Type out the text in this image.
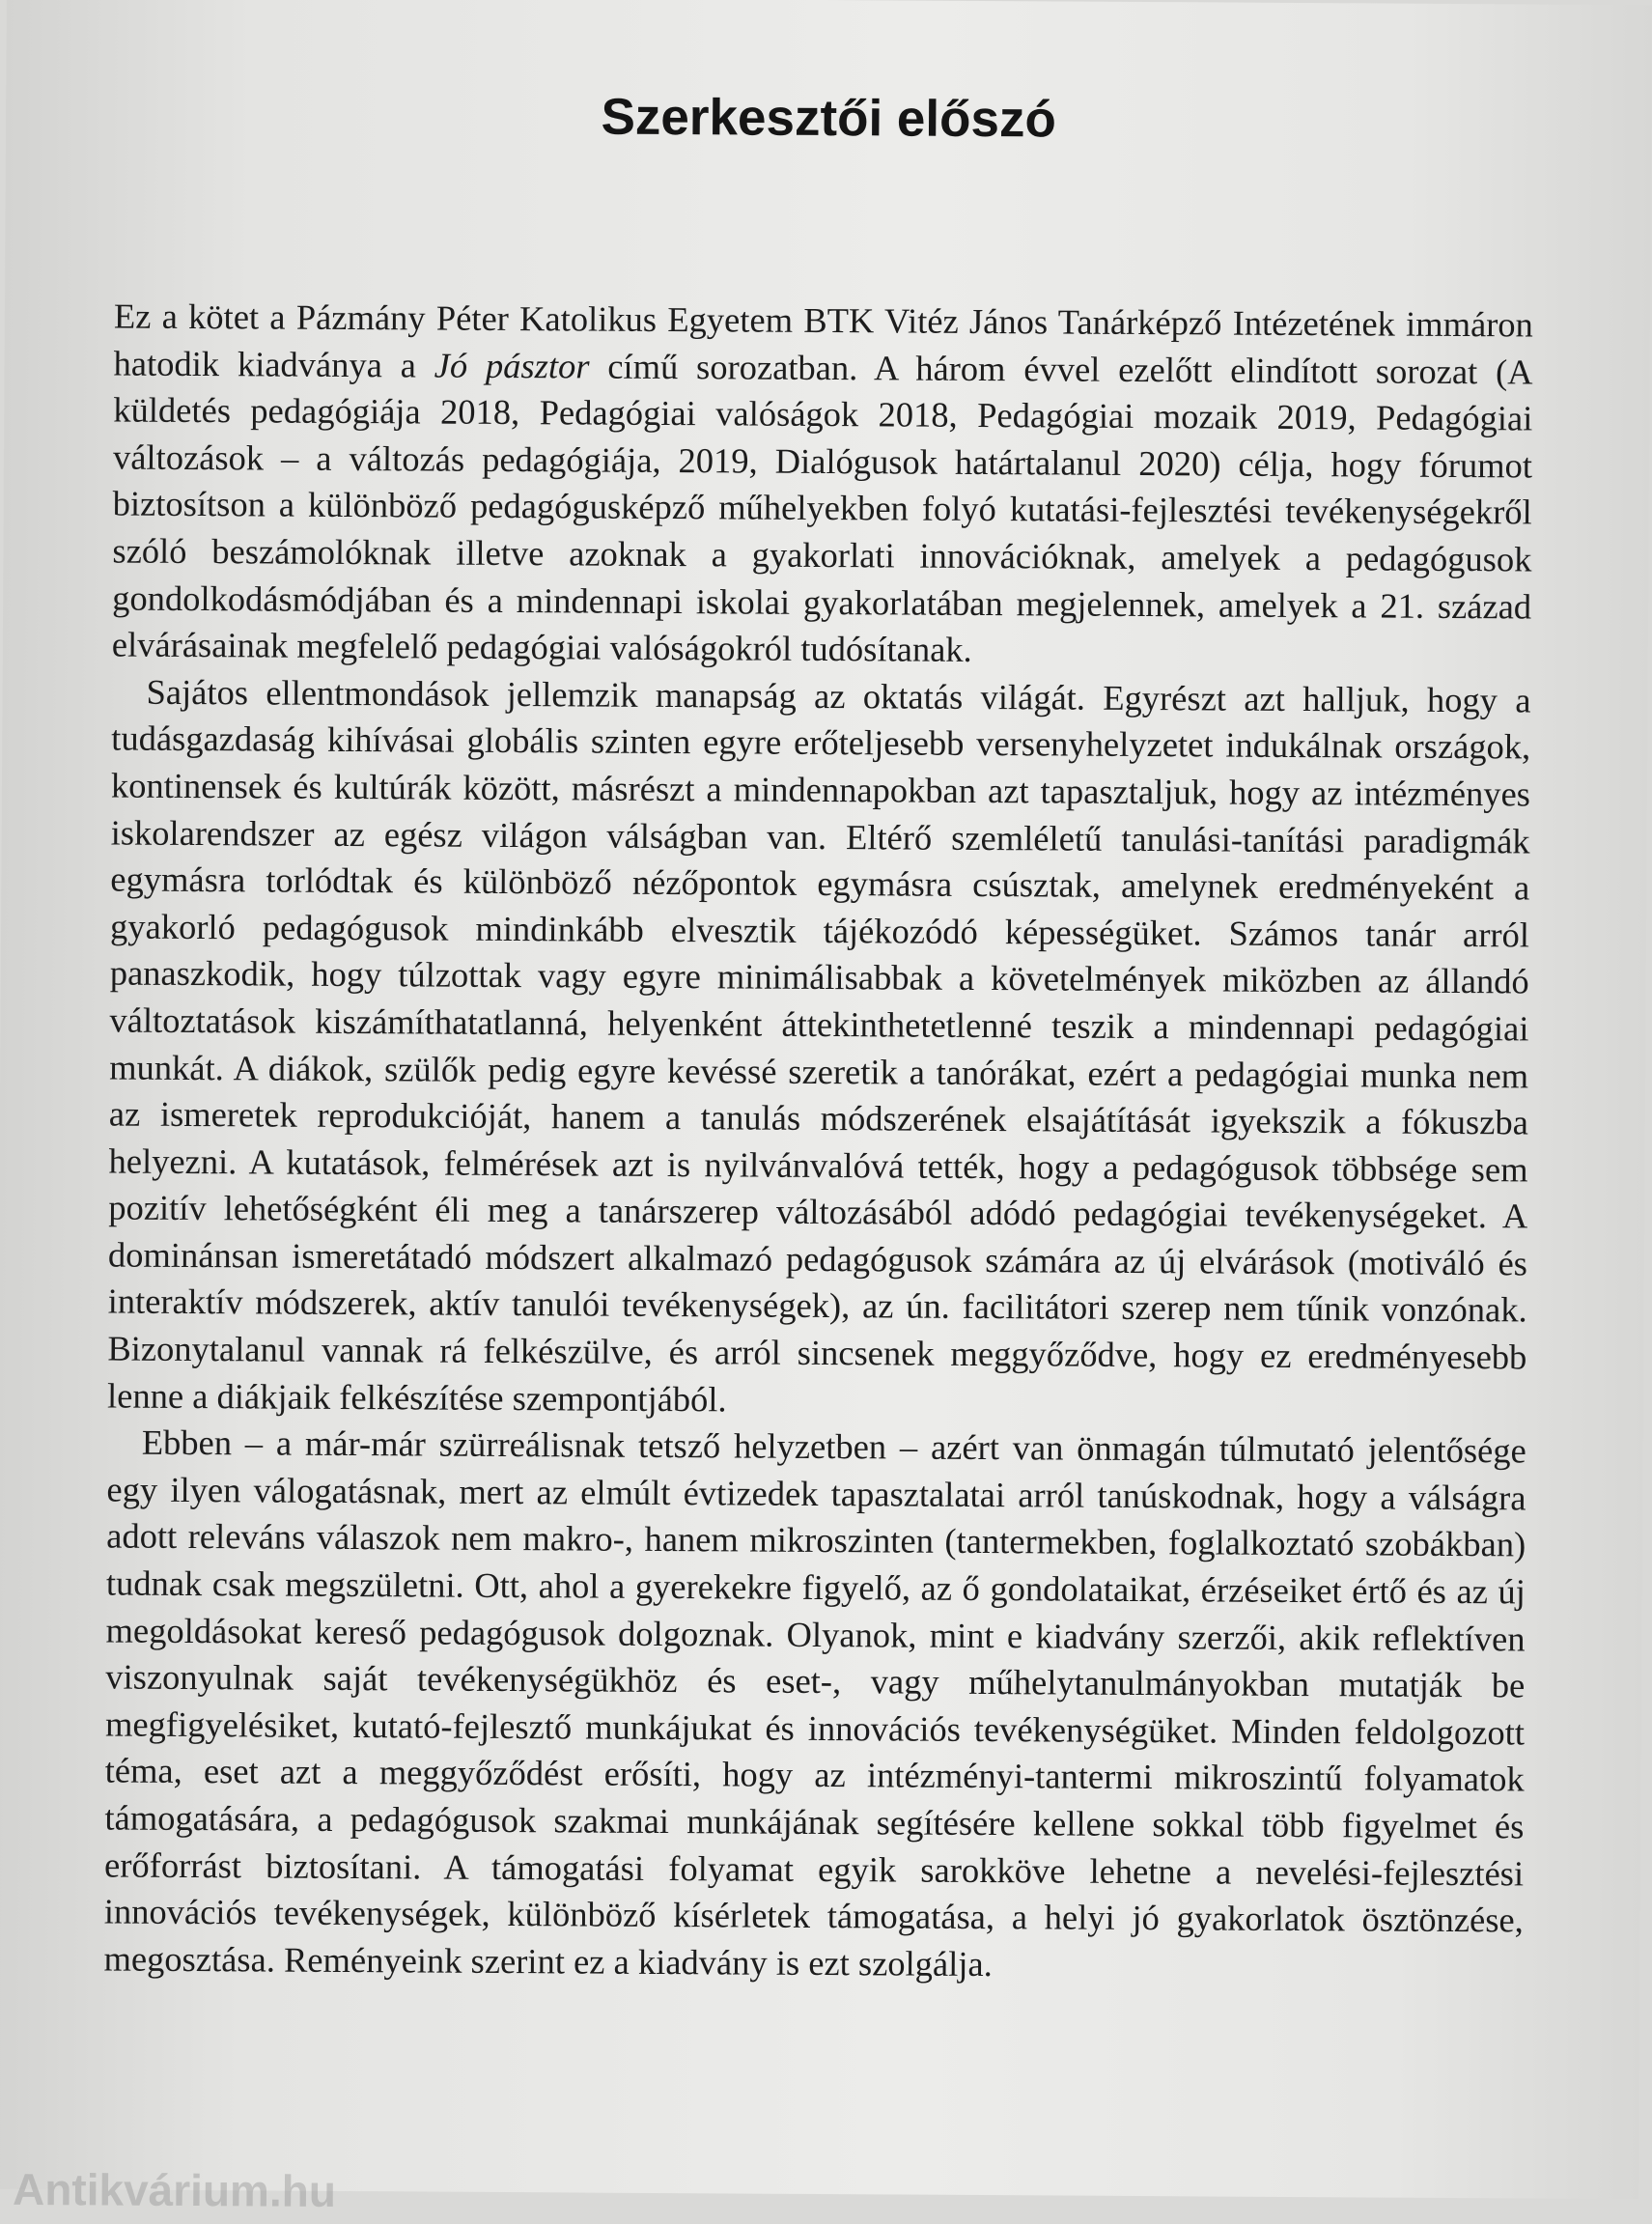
Szerkesztői előszó

Ez a kötet a Pázmány Péter Katolikus Egyetem BTK Vitéz János Tanárképző Intézetének immáron hatodik kiadványa a Jó pásztor című sorozatban. A három évvel ezelőtt elindított sorozat (A küldetés pedagógiája 2018, Pedagógiai valóságok 2018, Pedagógiai mozaik 2019, Pedagógiai változások – a változás pedagógiája, 2019, Dialógusok határtalanul 2020) célja, hogy fórumot biztosítson a különböző pedagógusképző műhelyekben folyó kutatási-fejlesztési tevékenységekről szóló beszámolóknak illetve azoknak a gyakorlati innovációknak, amelyek a pedagógusok gondolkodásmódjában és a mindennapi iskolai gyakorlatában megjelennek, amelyek a 21. század elvárásainak megfelelő pedagógiai valóságokról tudósítanak.

Sajátos ellentmondások jellemzik manapság az oktatás világát. Egyrészt azt halljuk, hogy a tudásgazdaság kihívásai globális szinten egyre erőteljesebb versenyhelyzetet indukálnak országok, kontinensek és kultúrák között, másrészt a mindennapokban azt tapasztaljuk, hogy az intézményes iskolarendszer az egész világon válságban van. Eltérő szemléletű tanulási-tanítási paradigmák egymásra torlódtak és különböző nézőpontok egymásra csúsztak, amelynek eredményeként a gyakorló pedagógusok mindinkább elvesztik tájékozódó képességüket. Számos tanár arról panaszkodik, hogy túlzottak vagy egyre minimálisabbak a követelmények miközben az állandó változtatások kiszámíthatatlanná, helyenként áttekinthetetlenné teszik a mindennapi pedagógiai munkát. A diákok, szülők pedig egyre kevéssé szeretik a tanórákat, ezért a pedagógiai munka nem az ismeretek reprodukcióját, hanem a tanulás módszerének elsajátítását igyekszik a fókuszba helyezni. A kutatások, felmérések azt is nyilvánvalóvá tették, hogy a pedagógusok többsége sem pozitív lehetőségként éli meg a tanárszerep változásából adódó pedagógiai tevékenységeket. A dominánsan ismeretátadó módszert alkalmazó pedagógusok számára az új elvárások (motiváló és interaktív módszerek, aktív tanulói tevékenységek), az ún. facilitátori szerep nem tűnik vonzónak. Bizonytalanul vannak rá felkészülve, és arról sincsenek meggyőződve, hogy ez eredményesebb lenne a diákjaik felkészítése szempontjából.

Ebben – a már-már szürreálisnak tetsző helyzetben – azért van önmagán túlmutató jelentősége egy ilyen válogatásnak, mert az elmúlt évtizedek tapasztalatai arról tanúskodnak, hogy a válságra adott releváns válaszok nem makro-, hanem mikroszinten (tantermekben, foglalkoztató szobákban) tudnak csak megszületni. Ott, ahol a gyerekekre figyelő, az ő gondolataikat, érzéseiket értő és az új megoldásokat kereső pedagógusok dolgoznak. Olyanok, mint e kiadvány szerzői, akik reflektíven viszonyulnak saját tevékenységükhöz és eset-, vagy műhelytanulmányokban mutatják be megfigyelésiket, kutató-fejlesztő munkájukat és innovációs tevékenységüket. Minden feldolgozott téma, eset azt a meggyőződést erősíti, hogy az intézményi-tantermi mikroszintű folyamatok támogatására, a pedagógusok szakmai munkájának segítésére kellene sokkal több figyelmet és erőforrást biztosítani. A támogatási folyamat egyik sarokköve lehetne a nevelési-fejlesztési innovációs tevékenységek, különböző kísérletek támogatása, a helyi jó gyakorlatok ösztönzése, megosztása. Reményeink szerint ez a kiadvány is ezt szolgálja.

Antikvárium.hu
